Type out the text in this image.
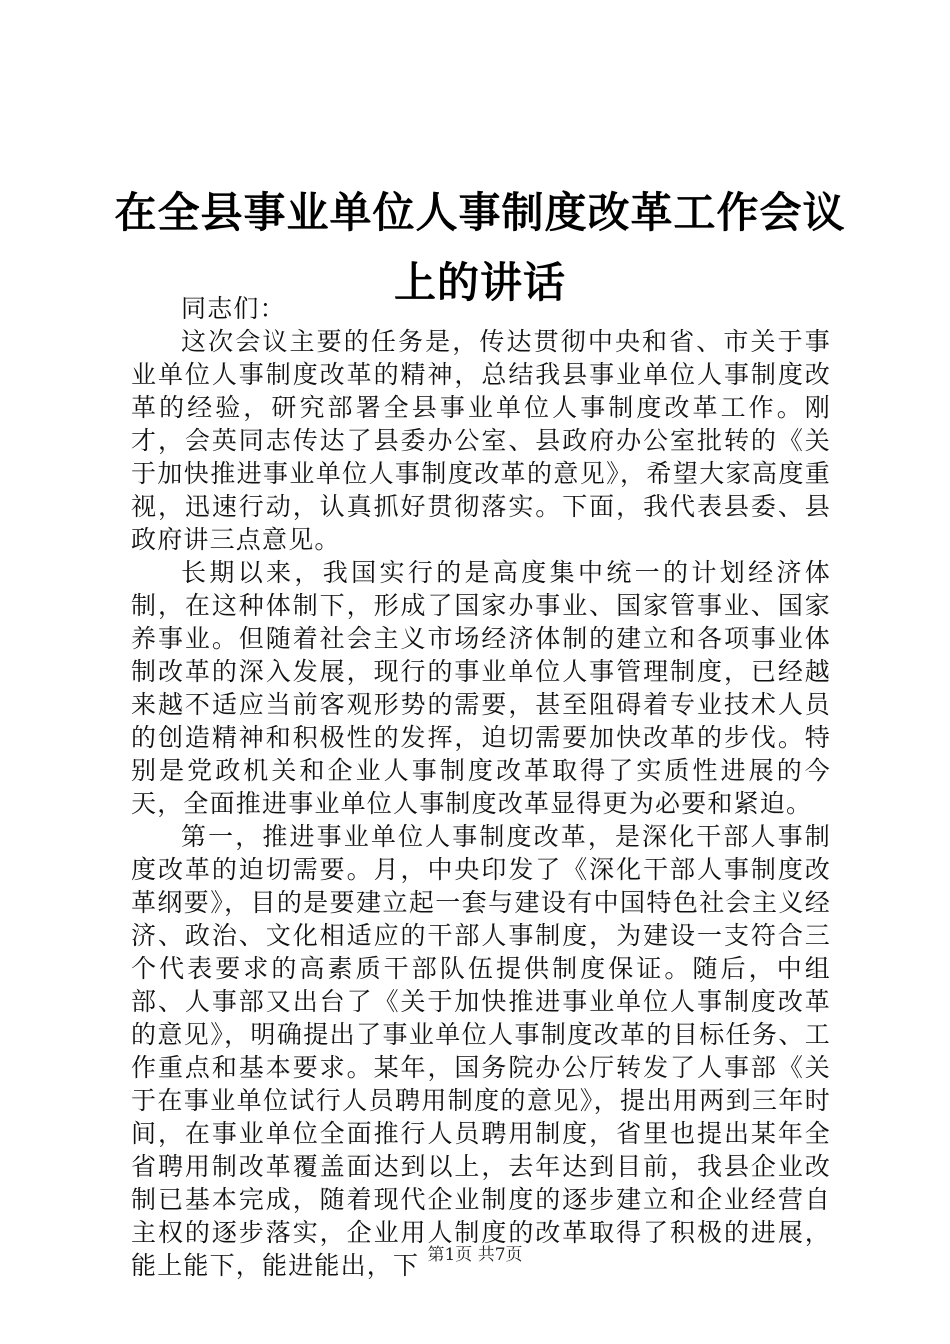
在全县事业单位人事制度改革工作会议上的讲话

同志们：

这次会议主要的任务是，传达贯彻中央和省、市关于事业单位人事制度改革的精神，总结我县事业单位人事制度改革的经验，研究部署全县事业单位人事制度改革工作。刚才，会英同志传达了县委办公室、县政府办公室批转的《关于加快推进事业单位人事制度改革的意见》，希望大家高度重视，迅速行动，认真抓好贯彻落实。下面，我代表县委、县政府讲三点意见。

长期以来，我国实行的是高度集中统一的计划经济体制，在这种体制下，形成了国家办事业、国家管事业、国家养事业。但随着社会主义市场经济体制的建立和各项事业体制改革的深入发展，现行的事业单位人事管理制度，已经越来越不适应当前客观形势的需要，甚至阻碍着专业技术人员的创造精神和积极性的发挥，迫切需要加快改革的步伐。特别是党政机关和企业人事制度改革取得了实质性进展的今天，全面推进事业单位人事制度改革显得更为必要和紧迫。

第一，推进事业单位人事制度改革，是深化干部人事制度改革的迫切需要。月，中央印发了《深化干部人事制度改革纲要》，目的是要建立起一套与建设有中国特色社会主义经济、政治、文化相适应的干部人事制度，为建设一支符合三个代表要求的高素质干部队伍提供制度保证。随后，中组部、人事部又出台了《关于加快推进事业单位人事制度改革的意见》，明确提出了事业单位人事制度改革的目标任务、工作重点和基本要求。某年，国务院办公厅转发了人事部《关于在事业单位试行人员聘用制度的意见》，提出用两到三年时间，在事业单位全面推行人员聘用制度，省里也提出某年全省聘用制改革覆盖面达到以上，去年达到目前，我县企业改制已基本完成，随着现代企业制度的逐步建立和企业经营自主权的逐步落实，企业用人制度的改革取得了积极的进展，能上能下，能进能出，下 第1页 共7页
